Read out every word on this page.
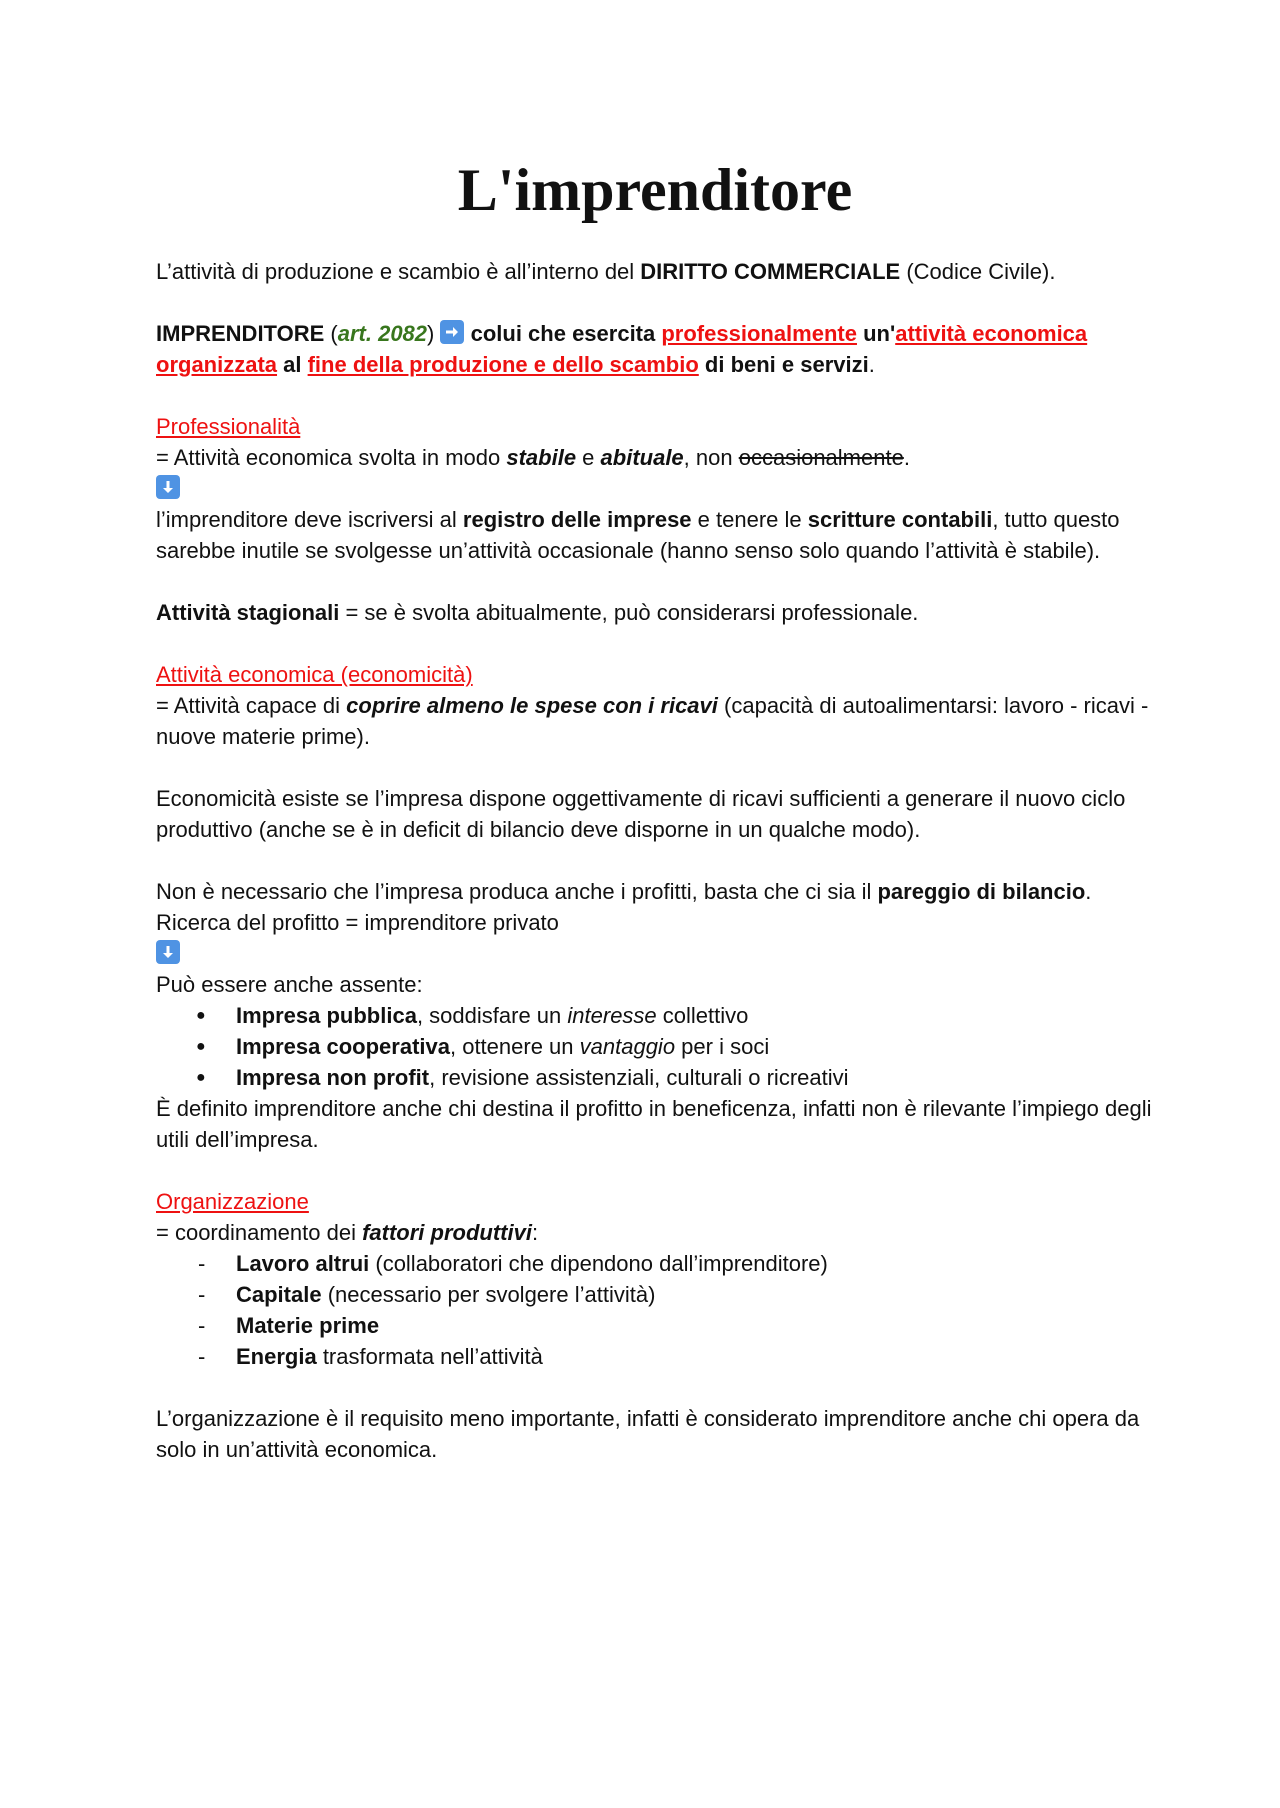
L'imprenditore

L’attività di produzione e scambio è all’interno del DIRITTO COMMERCIALE (Codice Civile).

IMPRENDITORE (art. 2082)
colui che esercita professionalmente un'attività economica organizzata al fine della produzione e dello scambio di beni e servizi.

Professionalità

= Attività economica svolta in modo stabile e abituale, non occasionalmente.

l’imprenditore deve iscriversi al registro delle imprese e tenere le scritture contabili, tutto questo sarebbe inutile se svolgesse un’attività occasionale (hanno senso solo quando l’attività è stabile).

Attività stagionali = se è svolta abitualmente, può considerarsi professionale.

Attività economica (economicità)

= Attività capace di coprire almeno le spese con i ricavi (capacità di autoalimentarsi: lavoro - ricavi - nuove materie prime).

Economicità esiste se l’impresa dispone oggettivamente di ricavi sufficienti a generare il nuovo ciclo produttivo (anche se è in deficit di bilancio deve disporne in un qualche modo).

Non è necessario che l’impresa produca anche i profitti, basta che ci sia il pareggio di bilancio.

Ricerca del profitto = imprenditore privato

Può essere anche assente:

● Impresa pubblica, soddisfare un interesse collettivo
● Impresa cooperativa, ottenere un vantaggio per i soci
● Impresa non profit, revisione assistenziali, culturali o ricreativi

È definito imprenditore anche chi destina il profitto in beneficenza, infatti non è rilevante l’impiego degli utili dell’impresa.

Organizzazione

= coordinamento dei fattori produttivi:

- Lavoro altrui (collaboratori che dipendono dall’imprenditore)
- Capitale (necessario per svolgere l’attività)
- Materie prime
- Energia trasformata nell’attività

L’organizzazione è il requisito meno importante, infatti è considerato imprenditore anche chi opera da solo in un’attività economica.
